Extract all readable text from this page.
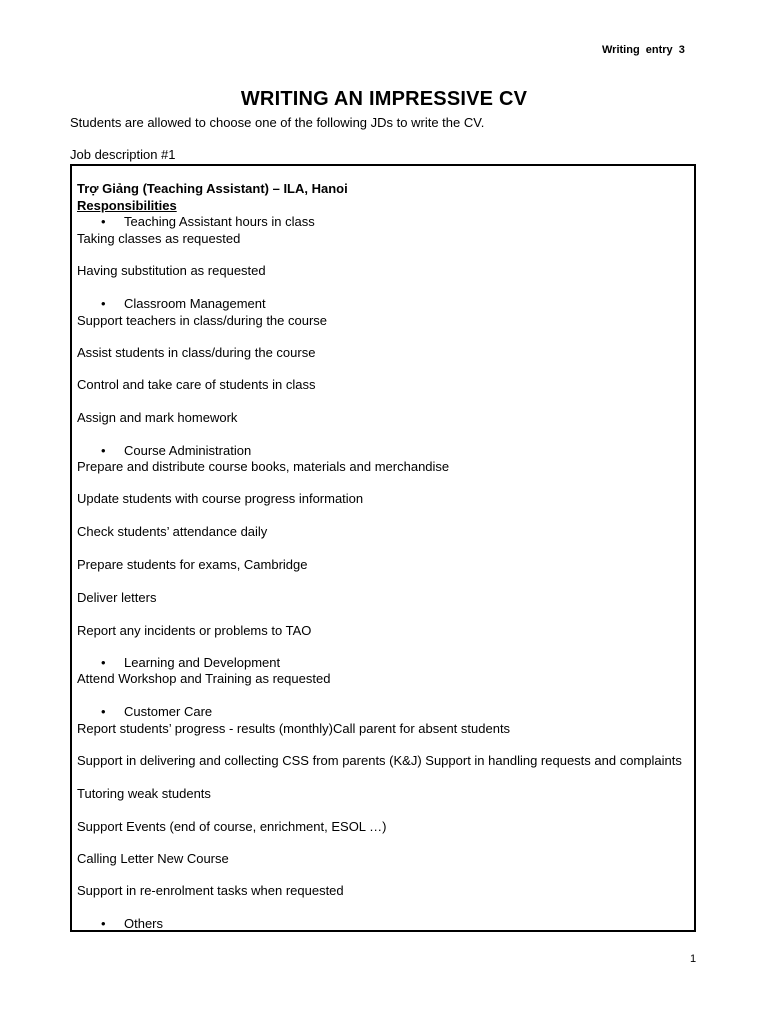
Writing entry 3
WRITING AN IMPRESSIVE CV
Students are allowed to choose one of the following JDs to write the CV.
Job description #1
Trợ Giảng (Teaching Assistant) – ILA, Hanoi
Responsibilities
• Teaching Assistant hours in class
Taking classes as requested
Having substitution as requested
• Classroom Management
Support teachers in class/during the course
Assist students in class/during the course
Control and take care of students in class
Assign and mark homework
• Course Administration
Prepare and distribute course books, materials and merchandise
Update students with course progress information
Check students’ attendance daily
Prepare students for exams, Cambridge
Deliver letters
Report any incidents or problems to TAO
• Learning and Development
Attend Workshop and Training as requested
• Customer Care
Report students’ progress - results (monthly)Call parent for absent students
Support in delivering and collecting CSS from parents (K&J) Support in handling requests and complaints
Tutoring weak students
Support Events (end of course, enrichment, ESOL …)
Calling Letter New Course
Support in re-enrolment tasks when requested
• Others
1
